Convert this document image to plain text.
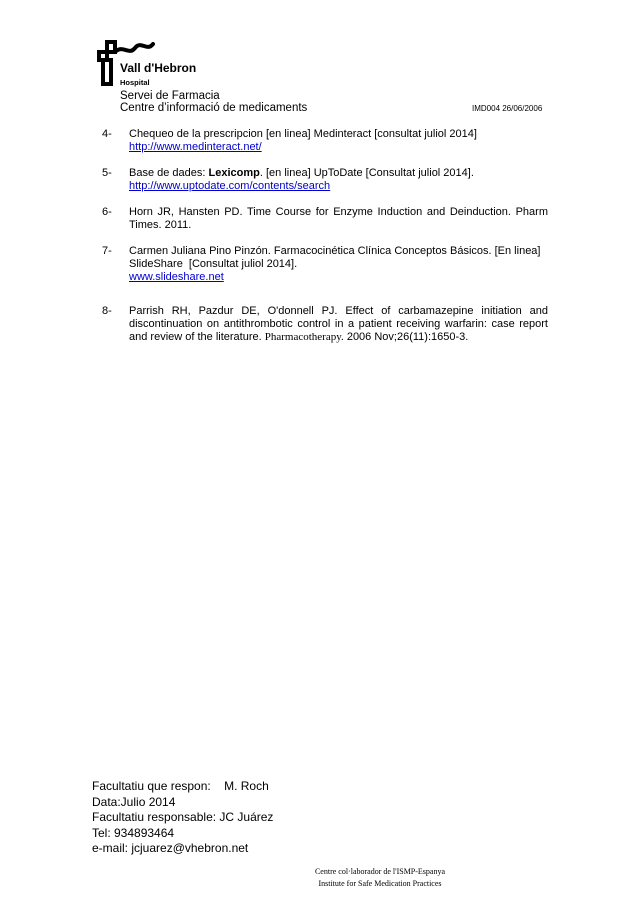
Vall d'Hebron
Hospital
Servei de Farmacia
Centre d’informació de medicaments	IMD004 26/06/2006
4- Chequeo de la prescripcion [en linea] Medinteract [consultat juliol 2014]
http://www.medinteract.net/
5- Base de dades: Lexicomp. [en linea] UpToDate [Consultat juliol 2014].
http://www.uptodate.com/contents/search
6- Horn JR, Hansten PD. Time Course for Enzyme Induction and Deinduction. Pharm Times. 2011.
7- Carmen Juliana Pino Pinzón. Farmacocinética Clínica Conceptos Básicos. [En linea]
SlideShare  [Consultat juliol 2014].
www.slideshare.net
8- Parrish RH, Pazdur DE, O'donnell PJ. Effect of carbamazepine initiation and discontinuation on antithrombotic control in a patient receiving warfarin: case report and review of the literature. Pharmacotherapy. 2006 Nov;26(11):1650-3.
Facultatiu que respon:    M. Roch
Data:Julio 2014
Facultatiu responsable: JC Juárez
Tel: 934893464
e-mail: jcjuarez@vhebron.net
Centre col·laborador de l'ISMP-Espanya
Institute for Safe Medication Practices
